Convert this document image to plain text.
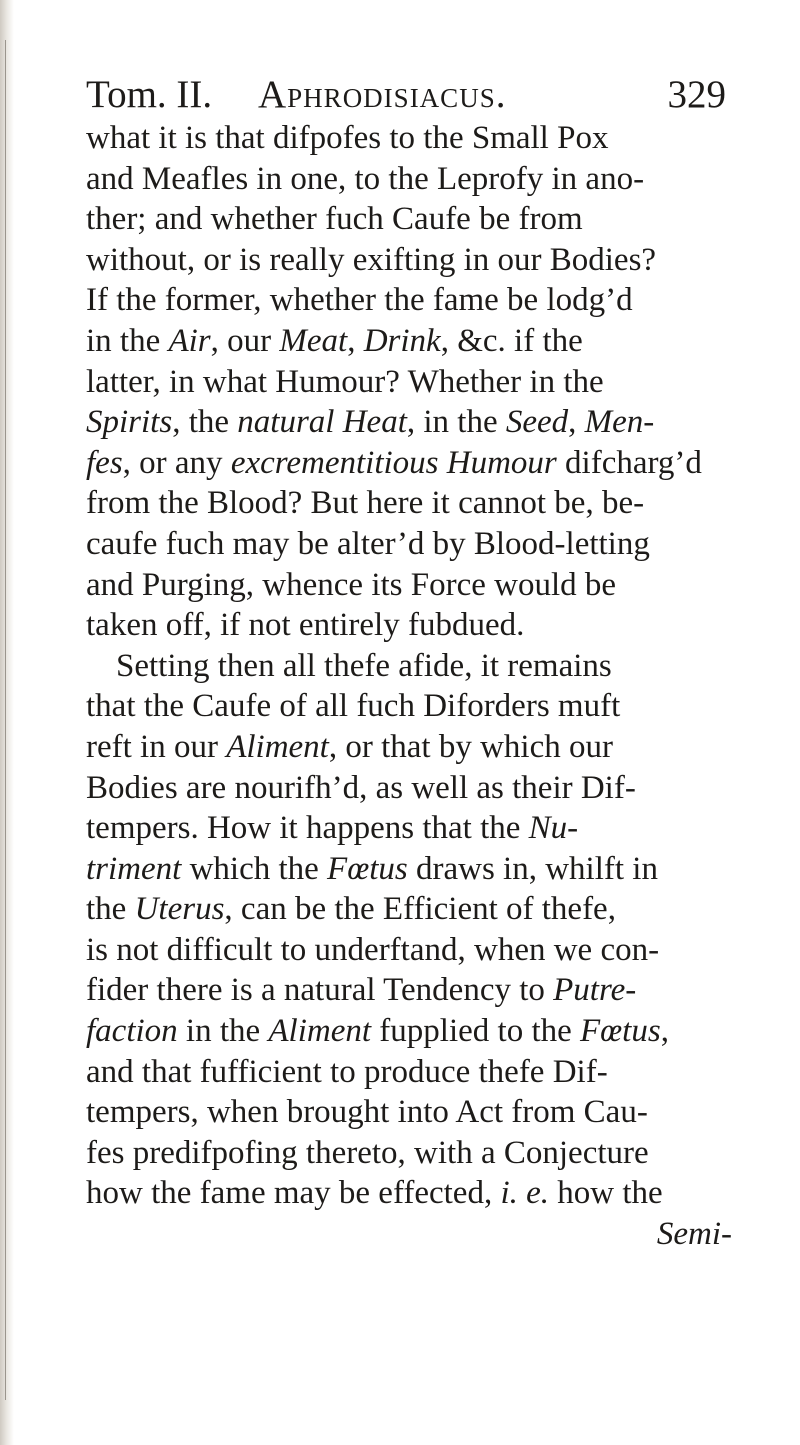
Tom. II. Aphrodisiacus.	329
what it is that difpofes to the Small Pox
and Meafles in one, to the Leprofy in ano-
ther; and whether fuch Caufe be from
without, or is really exifting in our Bodies?
If the former, whether the fame be lodg’d
in the Air, our Meat, Drink, &c. if the
latter, in what Humour? Whether in the
Spirits, the natural Heat, in the Seed, Men-
fes, or any excrementitious Humour difcharg’d
from the Blood? But here it cannot be, be-
caufe fuch may be alter’d by Blood-letting
and Purging, whence its Force would be
taken off, if not entirely fubdued.
Setting then all thefe afide, it remains
that the Caufe of all fuch Diforders muft
reft in our Aliment, or that by which our
Bodies are nourifh’d, as well as their Dif-
tempers. How it happens that the Nu-
triment which the Fœtus draws in, whilft in
the Uterus, can be the Efficient of thefe,
is not difficult to underftand, when we con-
fider there is a natural Tendency to Putre-
faction in the Aliment fupplied to the Fœtus,
and that fufficient to produce thefe Dif-
tempers, when brought into Act from Cau-
fes predifpofing thereto, with a Conjecture
how the fame may be effected, i. e. how the
Semi-
